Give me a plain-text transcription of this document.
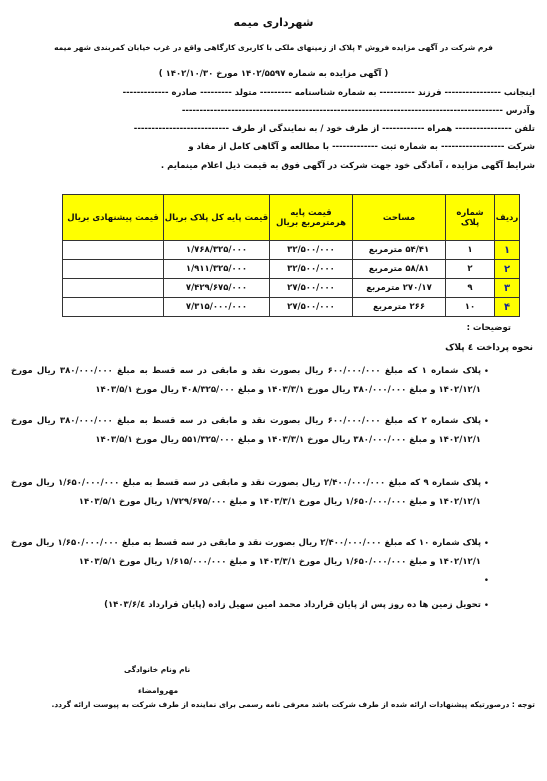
شهرداری میمه
فرم شرکت در آگهی مزایده فروش ۴ پلاک از زمینهای ملکی با کاربری کارگاهی واقع در غرب خیابان کمربندی شهر میمه
( آگهی مزایده به شماره ۱۴۰۲/۵۵۹۷ مورخ ۱۴۰۲/۱۰/۳۰ )
اینجانب ---------------- فرزند ---------- به شماره شناسنامه --------- متولد --------- صادره -------------
وآدرس -------------------------------------------------------------------------------------------
تلفن ---------------- همراه ------------ از طرف خود / به نمایندگی از طرف ---------------------------
شرکت ------------------ به شماره ثبت ------------- با مطالعه و آگاهی کامل از مفاد و
شرایط آگهی مزایده ، آمادگی خود جهت شرکت در آگهی فوق به قیمت ذیل اعلام مینمایم .
ردیف	شماره پلاک	مساحت	قیمت پایه هرمترمربع بریال	قیمت پایه کل پلاک بریال	قیمت پیشنهادی بریال
۱	۱	۵۴/۴۱ مترمربع	۳۲/۵۰۰/۰۰۰	۱/۷۶۸/۳۲۵/۰۰۰	
۲	۲	۵۸/۸۱ مترمربع	۳۲/۵۰۰/۰۰۰	۱/۹۱۱/۳۲۵/۰۰۰	
۳	۹	۲۷۰/۱۷ مترمربع	۲۷/۵۰۰/۰۰۰	۷/۴۲۹/۶۷۵/۰۰۰	
۴	۱۰	۲۶۶ مترمربع	۲۷/۵۰۰/۰۰۰	۷/۳۱۵/۰۰۰/۰۰۰	
توضیحات :
نحوه پرداخت ٤ پلاک
•
پلاک شماره ۱ که مبلغ ۶۰۰/۰۰۰/۰۰۰ ریال بصورت نقد و مابقی در سه قسط به مبلغ ۳۸۰/۰۰۰/۰۰۰ ریال مورخ ۱۴۰۲/۱۲/۱ و مبلغ ۳۸۰/۰۰۰/۰۰۰ ریال مورخ ۱۴۰۳/۳/۱ و مبلغ ۴۰۸/۳۲۵/۰۰۰ ریال مورخ ۱۴۰۳/۵/۱
•
پلاک شماره ۲ که مبلغ ۶۰۰/۰۰۰/۰۰۰ ریال بصورت نقد و مابقی در سه قسط به مبلغ ۳۸۰/۰۰۰/۰۰۰ ریال مورخ ۱۴۰۲/۱۲/۱ و مبلغ ۳۸۰/۰۰۰/۰۰۰ ریال مورخ ۱۴۰۳/۳/۱ و مبلغ ۵۵۱/۳۲۵/۰۰۰ ریال مورخ ۱۴۰۳/۵/۱
•
پلاک شماره ۹ که مبلغ ۲/۴۰۰/۰۰۰/۰۰۰ ریال بصورت نقد و مابقی در سه قسط به مبلغ ۱/۶۵۰/۰۰۰/۰۰۰ ریال مورخ ۱۴۰۲/۱۲/۱ و مبلغ ۱/۶۵۰/۰۰۰/۰۰۰ ریال مورخ ۱۴۰۳/۳/۱ و مبلغ ۱/۷۲۹/۶۷۵/۰۰۰ ریال مورخ ۱۴۰۳/۵/۱
•
پلاک شماره ۱۰ که مبلغ ۲/۴۰۰/۰۰۰/۰۰۰ ریال بصورت نقد و مابقی در سه قسط به مبلغ ۱/۶۵۰/۰۰۰/۰۰۰ ریال مورخ ۱۴۰۲/۱۲/۱ و مبلغ ۱/۶۵۰/۰۰۰/۰۰۰ ریال مورخ ۱۴۰۳/۳/۱ و مبلغ ۱/۶۱۵/۰۰۰/۰۰۰ ریال مورخ ۱۴۰۳/۵/۱
•
•
تحویل زمین ها ده روز پس از پایان قرارداد محمد امین سهیل زاده (پایان قرارداد ۱۴۰۳/۶/٤)
نام ونام خانوادگی
مهروامضاء
توجه : درصورتیکه پیشنهادات ارائه شده از طرف شرکت باشد معرفی نامه رسمی برای نماینده از طرف شرکت به پیوست ارائه گردد.
